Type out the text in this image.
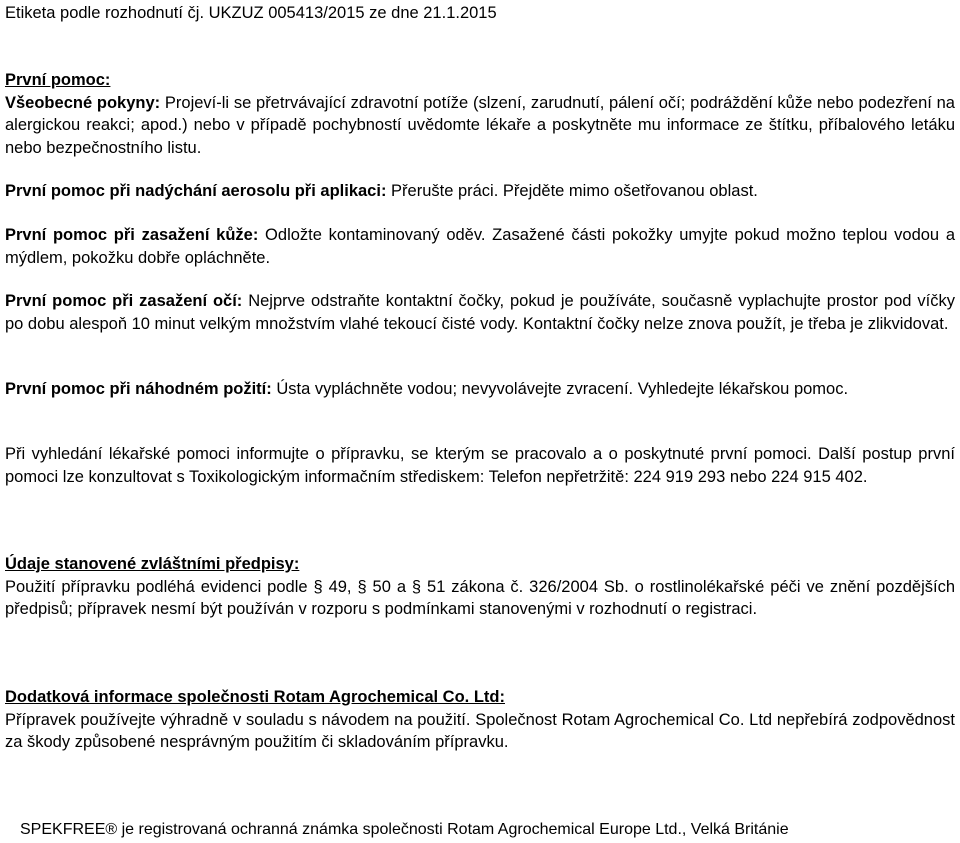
Etiketa podle rozhodnutí čj. UKZUZ 005413/2015 ze dne 21.1.2015
První pomoc:
Všeobecné pokyny: Projeví-li se přetrvávající zdravotní potíže (slzení, zarudnutí, pálení očí; podráždění kůže nebo podezření na alergickou reakci; apod.) nebo v případě pochybností uvědomte lékaře a poskytněte mu informace ze štítku, příbalového letáku nebo bezpečnostního listu.
První pomoc při nadýchání aerosolu při aplikaci: Přerušte práci. Přejděte mimo ošetřovanou oblast.
První pomoc při zasažení kůže: Odložte kontaminovaný oděv. Zasažené části pokožky umyjte pokud možno teplou vodou a mýdlem, pokožku dobře opláchněte.
První pomoc při zasažení očí: Nejprve odstraňte kontaktní čočky, pokud je používáte, současně vyplachujte prostor pod víčky po dobu alespoň 10 minut velkým množstvím vlahé tekoucí čisté vody. Kontaktní čočky nelze znova použít, je třeba je zlikvidovat.
První pomoc při náhodném požití: Ústa vypláchněte vodou; nevyvolávejte zvracení. Vyhledejte lékařskou pomoc.
Při vyhledání lékařské pomoci informujte o přípravku, se kterým se pracovalo a o poskytnuté první pomoci. Další postup první pomoci lze konzultovat s Toxikologickým informačním střediskem: Telefon nepřetržitě: 224 919 293 nebo 224 915 402.
Údaje stanovené zvláštními předpisy:
Použití přípravku podléhá evidenci podle § 49, § 50 a § 51 zákona č. 326/2004 Sb. o rostlinolékařské péči ve znění pozdějších předpisů; přípravek nesmí být používán v rozporu s podmínkami stanovenými v rozhodnutí o registraci.
Dodatková informace společnosti Rotam Agrochemical Co. Ltd:
Přípravek používejte výhradně v souladu s návodem na použití. Společnost Rotam Agrochemical Co. Ltd nepřebírá zodpovědnost za škody způsobené nesprávným použitím či skladováním přípravku.
SPEKFREE® je registrovaná ochranná známka společnosti Rotam Agrochemical Europe Ltd., Velká Británie
